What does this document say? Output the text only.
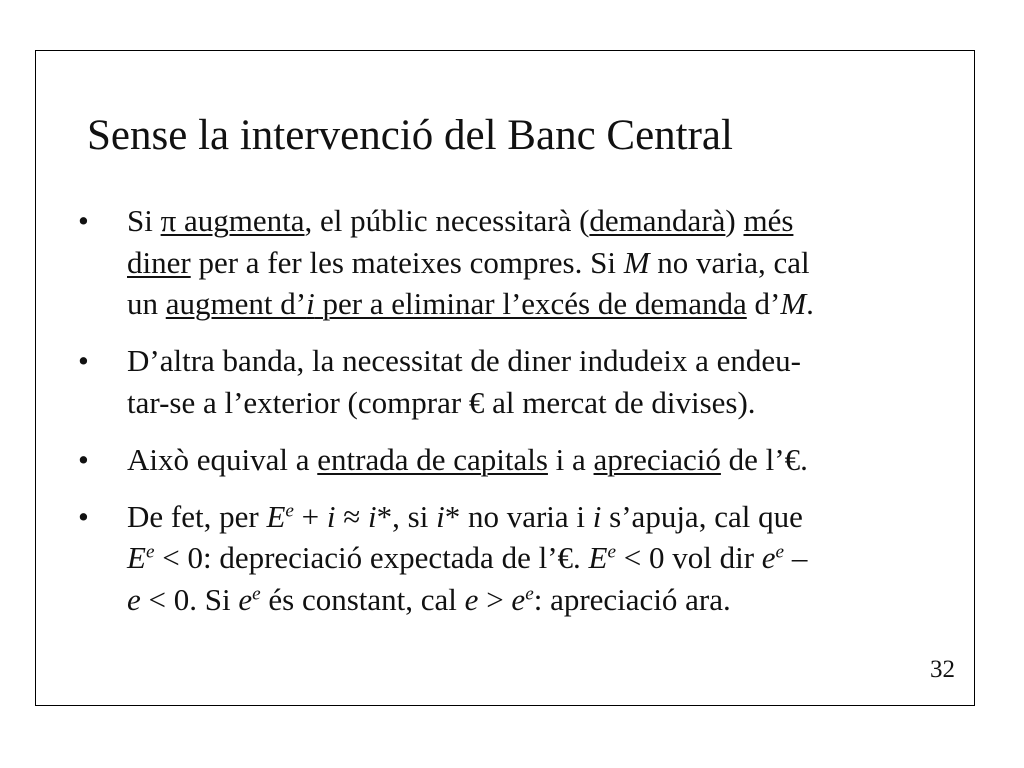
Sense la intervenció del Banc Central
• Si π augmenta, el públic necessitarà (demandarà) més
diner per a fer les mateixes compres. Si M no varia, cal
un augment d’i per a eliminar l’excés de demanda d’M.
• D’altra banda, la necessitat de diner indudeix a endeu-
tar-se a l’exterior (comprar € al mercat de divises).
• Això equival a entrada de capitals i a apreciació de l’€.
• De fet, per $E^e + i \approx i*$, si i* no varia i i s’apuja, cal que
$E^e < 0$: depreciació expectada de l’€. $E^e < 0$ vol dir $e^e$ –
e < 0. Si $e^e$ és constant, cal $e > e^e$: apreciació ara.
32
